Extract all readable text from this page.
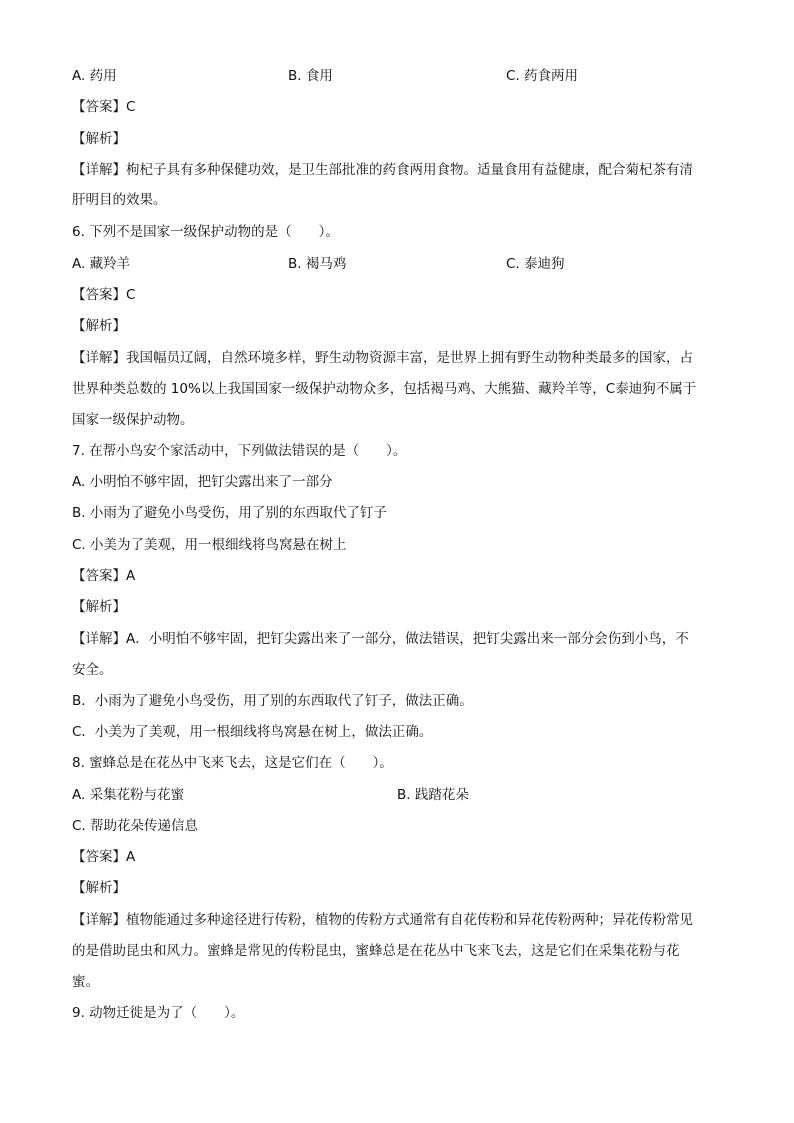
A. 药用	B. 食用	C. 药食两用
【答案】C
【解析】
【详解】枸杞子具有多种保健功效，是卫生部批准的药食两用食物。适量食用有益健康，配合菊杞茶有清
肝明目的效果。
6. 下列不是国家一级保护动物的是（　　）。
A. 藏羚羊	B. 褐马鸡	C. 泰迪狗
【答案】C
【解析】
【详解】我国幅员辽阔，自然环境多样，野生动物资源丰富，是世界上拥有野生动物种类最多的国家，占
世界种类总数的 10%以上我国国家一级保护动物众多，包括褐马鸡、大熊猫、藏羚羊等，C泰迪狗不属于
国家一级保护动物。
7. 在帮小鸟安个家活动中，下列做法错误的是（　　）。
A. 小明怕不够牢固，把钉尖露出来了一部分
B. 小雨为了避免小鸟受伤，用了别的东西取代了钉子
C. 小美为了美观，用一根细线将鸟窝悬在树上
【答案】A
【解析】
【详解】A．小明怕不够牢固，把钉尖露出来了一部分，做法错误，把钉尖露出来一部分会伤到小鸟，不
安全。
B．小雨为了避免小鸟受伤，用了别的东西取代了钉子，做法正确。
C．小美为了美观，用一根细线将鸟窝悬在树上，做法正确。
8. 蜜蜂总是在花丛中飞来飞去，这是它们在（　　）。
A. 采集花粉与花蜜	B. 践踏花朵
C. 帮助花朵传递信息
【答案】A
【解析】
【详解】植物能通过多种途径进行传粉，植物的传粉方式通常有自花传粉和异花传粉两种；异花传粉常见
的是借助昆虫和风力。蜜蜂是常见的传粉昆虫，蜜蜂总是在花丛中飞来飞去，这是它们在采集花粉与花
蜜。
9. 动物迁徙是为了（　　）。
